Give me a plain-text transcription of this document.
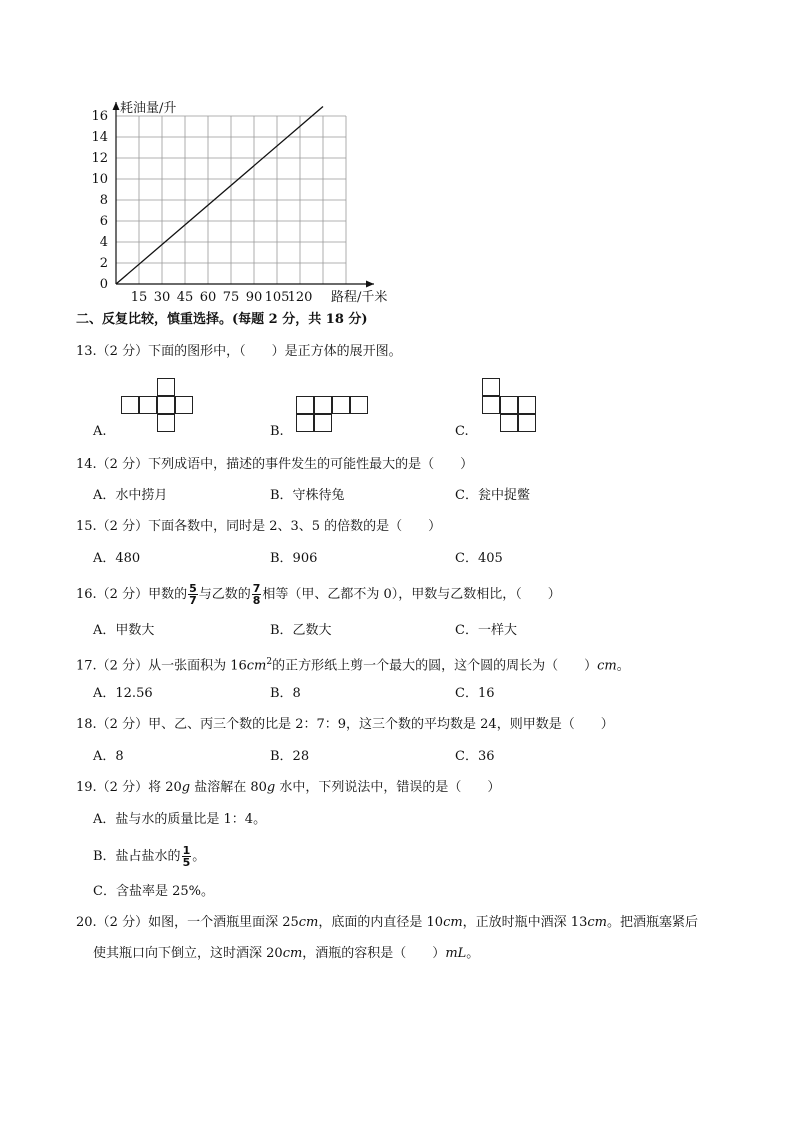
0
2
4
6
8
10
12
14
16
15 30 45 60 75 90 105
120
耗油量/升
路程/千米
二、反复比较，慎重选择。(每题 2 分，共 18 分)
13.（2 分）下面的图形中，（　　）是正方体的展开图。
A.	B.	C.
14.（2 分）下列成语中，描述的事件发生的可能性最大的是（　　）
A．水中捞月	B．守株待兔	C．瓮中捉鳖
15.（2 分）下面各数中，同时是 2、3、5 的倍数的是（　　）
A．480	B．906	C．405
16.（2 分）甲数的 $\frac{5}{7}$ 与乙数的 $\frac{7}{8}$ 相等（甲、乙都不为 0），甲数与乙数相比，（　　）
A．甲数大	B．乙数大	C．一样大
17.（2 分）从一张面积为 $16cm^2$的正方形纸上剪一个最大的圆，这个圆的周长为（　　）cm。
A．12.56	B．8	C．16
18.（2 分）甲、乙、丙三个数的比是 2：7：9，这三个数的平均数是 24，则甲数是（　　）
A．8	B．28	C．36
19.（2 分）将 20g 盐溶解在 80g 水中，下列说法中，错误的是（　　）
A．盐与水的质量比是 1：4。
B．盐占盐水的 $\frac{1}{5}$ 。
C．含盐率是 25%。
20.（2 分）如图，一个酒瓶里面深 25cm，底面的内直径是 10cm，正放时瓶中酒深 13cm。把酒瓶塞紧后
使其瓶口向下倒立，这时酒深 20cm，酒瓶的容积是（　　）mL。
